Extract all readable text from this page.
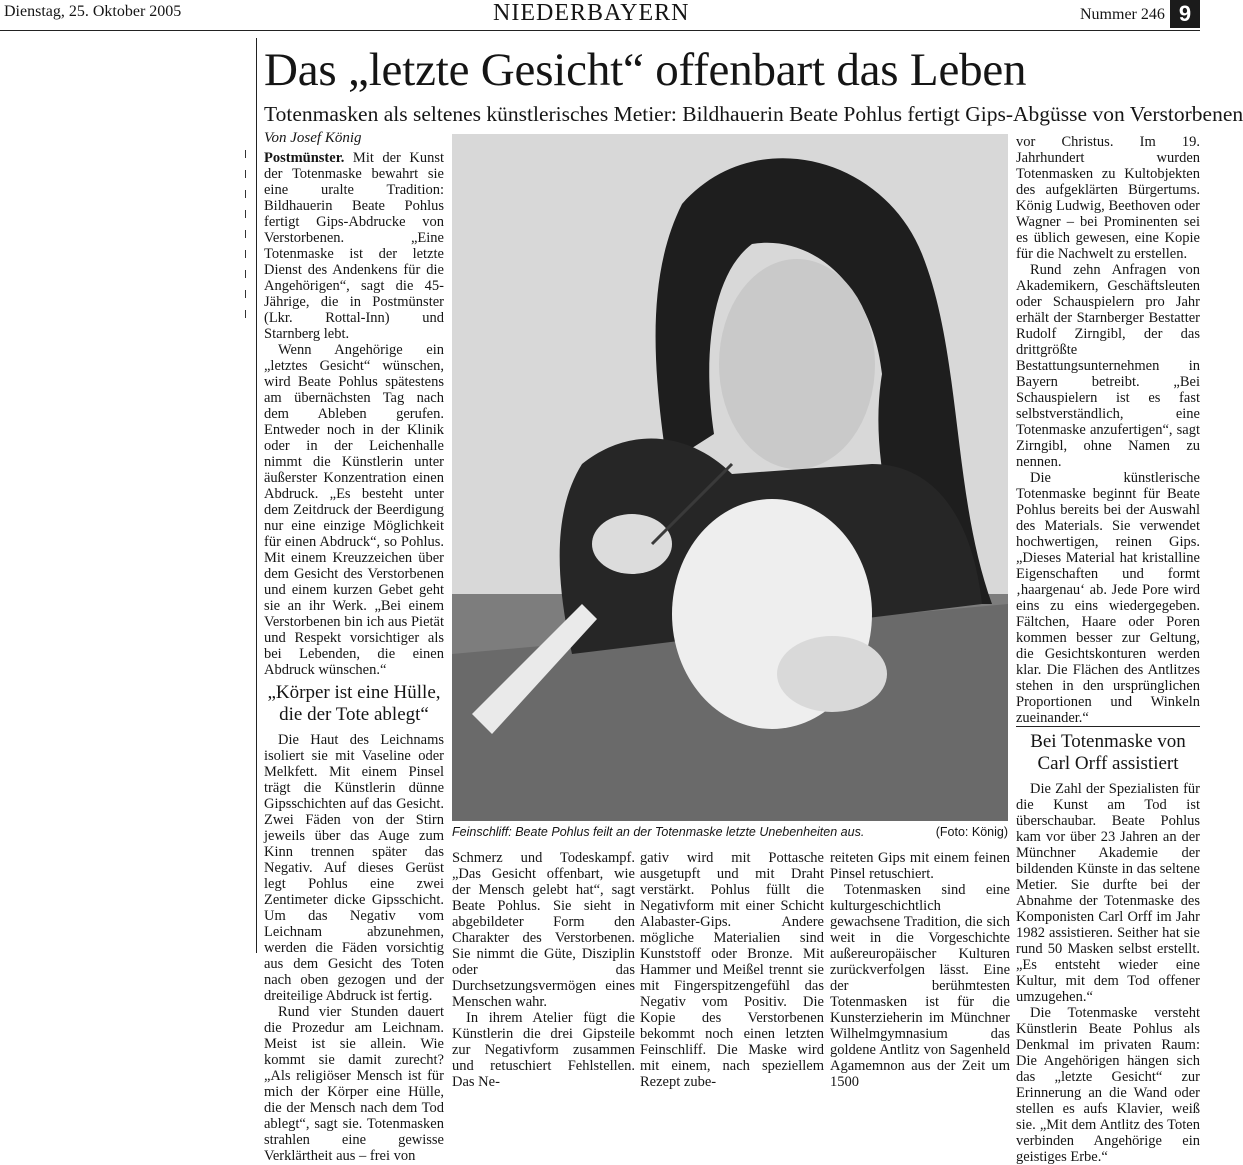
Dienstag, 25. Oktober 2005	NIEDERBAYERN	Nummer 246 9
Das „letzte Gesicht“ offenbart das Leben
Totenmasken als seltenes künstlerisches Metier: Bildhauerin Beate Pohlus fertigt Gips-Abgüsse von Verstorbenen
Von Josef König

Postmünster. Mit der Kunst der Totenmaske bewahrt sie eine uralte Tradition: Bildhauerin Beate Pohlus fertigt Gips-Abdrucke von Verstorbenen. „Eine Totenmaske ist der letzte Dienst des Andenkens für die Angehörigen“, sagt die 45-Jährige, die in Postmünster (Lkr. Rottal-Inn) und Starnberg lebt.

Wenn Angehörige ein „letztes Gesicht“ wünschen, wird Beate Pohlus spätestens am übernächsten Tag nach dem Ableben gerufen. Entweder noch in der Klinik oder in der Leichenhalle nimmt die Künstlerin unter äußerster Konzentration einen Abdruck. „Es besteht unter dem Zeitdruck der Beerdigung nur eine einzige Möglichkeit für einen Abdruck“, so Pohlus. Mit einem Kreuzzeichen über dem Gesicht des Verstorbenen und einem kurzen Gebet geht sie an ihr Werk. „Bei einem Verstorbenen bin ich aus Pietät und Respekt vorsichtiger als bei Lebenden, die einen Abdruck wünschen.“

„Körper ist eine Hülle, die der Tote ablegt“

Die Haut des Leichnams isoliert sie mit Vaseline oder Melkfett. Mit einem Pinsel trägt die Künstlerin dünne Gipsschichten auf das Gesicht. Zwei Fäden von der Stirn jeweils über das Auge zum Kinn trennen später das Negativ. Auf dieses Gerüst legt Pohlus eine zwei Zentimeter dicke Gipsschicht. Um das Negativ vom Leichnam abzunehmen, werden die Fäden vorsichtig aus dem Gesicht des Toten nach oben gezogen und der dreiteilige Abdruck ist fertig.

Rund vier Stunden dauert die Prozedur am Leichnam. Meist ist sie allein. Wie kommt sie damit zurecht? „Als religiöser Mensch ist für mich der Körper eine Hülle, die der Mensch nach dem Tod ablegt“, sagt sie. Totenmasken strahlen eine gewisse Verklärtheit aus – frei von

Feinschliff: Beate Pohlus feilt an der Totenmaske letzte Unebenheiten aus.	(Foto: König)

Schmerz und Todeskampf. „Das Gesicht offenbart, wie der Mensch gelebt hat“, sagt Beate Pohlus. Sie sieht in abgebildeter Form den Charakter des Verstorbenen. Sie nimmt die Güte, Disziplin oder das Durchsetzungsvermögen eines Menschen wahr.

In ihrem Atelier fügt die Künstlerin die drei Gipsteile zur Negativform zusammen und retuschiert Fehlstellen. Das Ne-

gativ wird mit Pottasche ausgetupft und mit Draht verstärkt. Pohlus füllt die Negativform mit einer Schicht Alabaster-Gips. Andere mögliche Materialien sind Kunststoff oder Bronze. Mit Hammer und Meißel trennt sie mit Fingerspitzengefühl das Negativ vom Positiv. Die Kopie des Verstorbenen bekommt noch einen letzten Feinschliff. Die Maske wird mit einem, nach speziellem Rezept zube-

reiteten Gips mit einem feinen Pinsel retuschiert.

Totenmasken sind eine kulturgeschichtlich gewachsene Tradition, die sich weit in die Vorgeschichte außereuropäischer Kulturen zurückverfolgen lässt. Eine der berühmtesten Totenmasken ist für die Kunsterzieherin im Münchner Wilhelmgymnasium das goldene Antlitz von Sagenheld Agamemnon aus der Zeit um 1500

vor Christus. Im 19. Jahrhundert wurden Totenmasken zu Kultobjekten des aufgeklärten Bürgertums. König Ludwig, Beethoven oder Wagner – bei Prominenten sei es üblich gewesen, eine Kopie für die Nachwelt zu erstellen.

Rund zehn Anfragen von Akademikern, Geschäftsleuten oder Schauspielern pro Jahr erhält der Starnberger Bestatter Rudolf Zirngibl, der das drittgrößte Bestattungsunternehmen in Bayern betreibt. „Bei Schauspielern ist es fast selbstverständlich, eine Totenmaske anzufertigen“, sagt Zirngibl, ohne Namen zu nennen.

Die künstlerische Totenmaske beginnt für Beate Pohlus bereits bei der Auswahl des Materials. Sie verwendet hochwertigen, reinen Gips. „Dieses Material hat kristalline Eigenschaften und formt ‚haargenau‘ ab. Jede Pore wird eins zu eins wiedergegeben. Fältchen, Haare oder Poren kommen besser zur Geltung, die Gesichtskonturen werden klar. Die Flächen des Antlitzes stehen in den ursprünglichen Proportionen und Winkeln zueinander.“

Bei Totenmaske von Carl Orff assistiert

Die Zahl der Spezialisten für die Kunst am Tod ist überschaubar. Beate Pohlus kam vor über 23 Jahren an der Münchner Akademie der bildenden Künste in das seltene Metier. Sie durfte bei der Abnahme der Totenmaske des Komponisten Carl Orff im Jahr 1982 assistieren. Seither hat sie rund 50 Masken selbst erstellt. „Es entsteht wieder eine Kultur, mit dem Tod offener umzugehen.“

Die Totenmaske versteht Künstlerin Beate Pohlus als Denkmal im privaten Raum: Die Angehörigen hängen sich das „letzte Gesicht“ zur Erinnerung an die Wand oder stellen es aufs Klavier, weiß sie. „Mit dem Antlitz des Toten verbinden Angehörige ein geistiges Erbe.“
